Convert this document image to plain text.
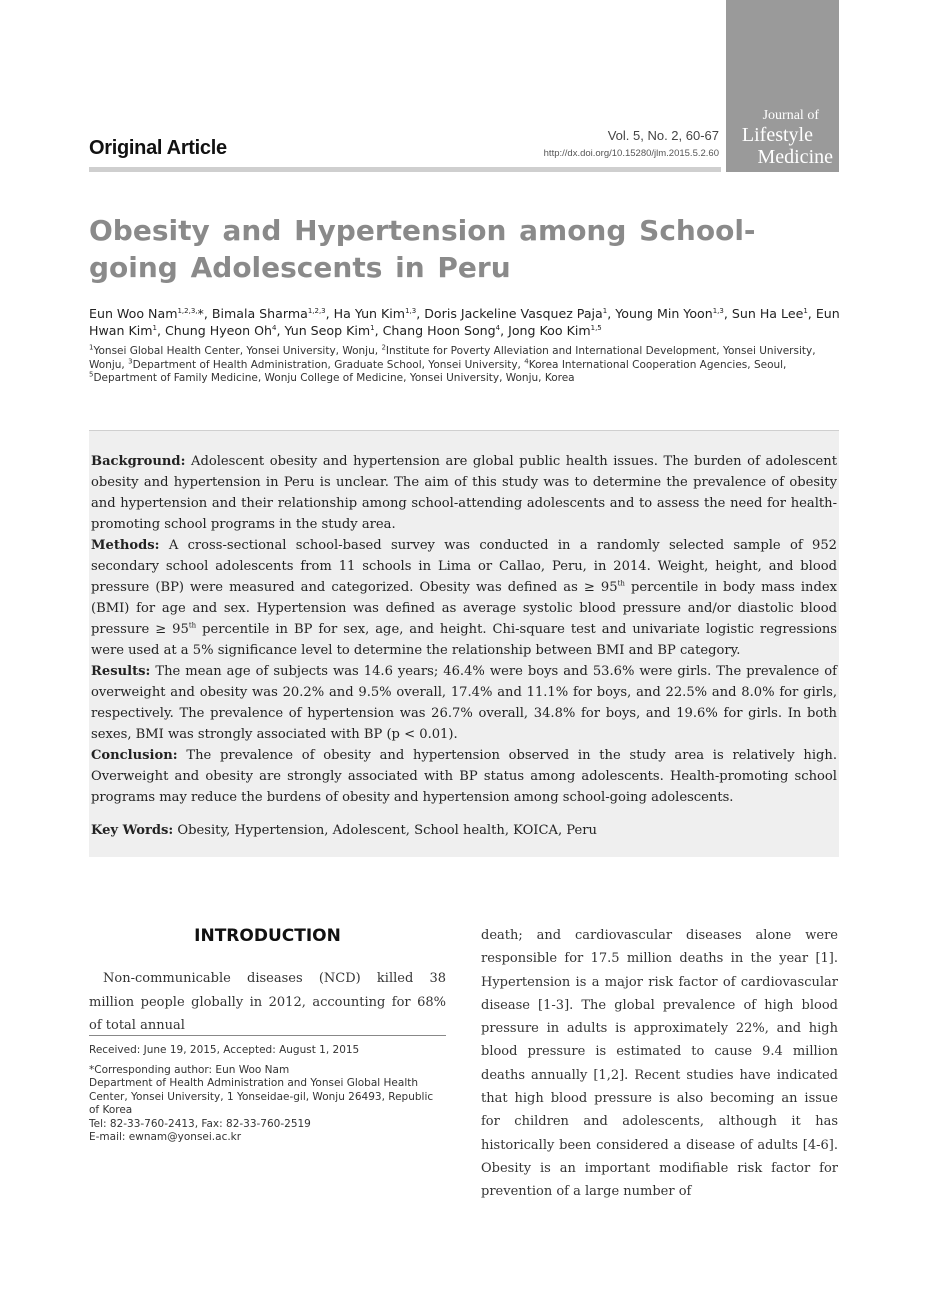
Original Article
Vol. 5, No. 2, 60-67
http://dx.doi.org/10.15280/jlm.2015.5.2.60
Journal of
Lifestyle
Medicine
Obesity and Hypertension among School-going Adolescents in Peru
Eun Woo Nam$^{1,2,3,}$*, Bimala Sharma$^{1,2,3}$, Ha Yun Kim$^{1,3}$, Doris Jackeline Vasquez Paja$^1$, Young Min Yoon$^{1,3}$, Sun Ha Lee$^1$, Eun Hwan Kim$^1$, Chung Hyeon Oh$^4$, Yun Seop Kim$^1$, Chang Hoon Song$^4$, Jong Koo Kim$^{1,5}$
$^1$Yonsei Global Health Center, Yonsei University, Wonju, $^2$Institute for Poverty Alleviation and International Development, Yonsei University, Wonju, $^3$Department of Health Administration, Graduate School, Yonsei University, $^4$Korea International Cooperation Agencies, Seoul, $^5$Department of Family Medicine, Wonju College of Medicine, Yonsei University, Wonju, Korea

Background: Adolescent obesity and hypertension are global public health issues. The burden of adolescent obesity and hypertension in Peru is unclear. The aim of this study was to determine the prevalence of obesity and hypertension and their relationship among school-attending adolescents and to assess the need for health-promoting school programs in the study area.

Methods: A cross-sectional school-based survey was conducted in a randomly selected sample of 952 secondary school adolescents from 11 schools in Lima or Callao, Peru, in 2014. Weight, height, and blood pressure (BP) were measured and categorized. Obesity was defined as ≥ 95th percentile in body mass index (BMI) for age and sex. Hypertension was defined as average systolic blood pressure and/or diastolic blood pressure ≥ 95th percentile in BP for sex, age, and height. Chi-square test and univariate logistic regressions were used at a 5% significance level to determine the relationship between BMI and BP category.

Results: The mean age of subjects was 14.6 years; 46.4% were boys and 53.6% were girls. The prevalence of overweight and obesity was 20.2% and 9.5% overall, 17.4% and 11.1% for boys, and 22.5% and 8.0% for girls, respectively. The prevalence of hypertension was 26.7% overall, 34.8% for boys, and 19.6% for girls. In both sexes, BMI was strongly associated with BP (p < 0.01).

Conclusion: The prevalence of obesity and hypertension observed in the study area is relatively high. Overweight and obesity are strongly associated with BP status among adolescents. Health-promoting school programs may reduce the burdens of obesity and hypertension among school-going adolescents.

Key Words: Obesity, Hypertension, Adolescent, School health, KOICA, Peru

INTRODUCTION

Non-communicable diseases (NCD) killed 38 million people globally in 2012, accounting for 68% of total annual

Received: June 19, 2015, Accepted: August 1, 2015

*Corresponding author: Eun Woo Nam

Department of Health Administration and Yonsei Global Health Center, Yonsei University, 1 Yonseidae-gil, Wonju 26493, Republic of Korea

Tel: 82-33-760-2413, Fax: 82-33-760-2519

E-mail: ewnam@yonsei.ac.kr

death; and cardiovascular diseases alone were responsible for 17.5 million deaths in the year [1]. Hypertension is a major risk factor of cardiovascular disease [1-3]. The global prevalence of high blood pressure in adults is approximately 22%, and high blood pressure is estimated to cause 9.4 million deaths annually [1,2]. Recent studies have indicated that high blood pressure is also becoming an issue for children and adolescents, although it has historically been considered a disease of adults [4-6]. Obesity is an important modifiable risk factor for prevention of a large number of
